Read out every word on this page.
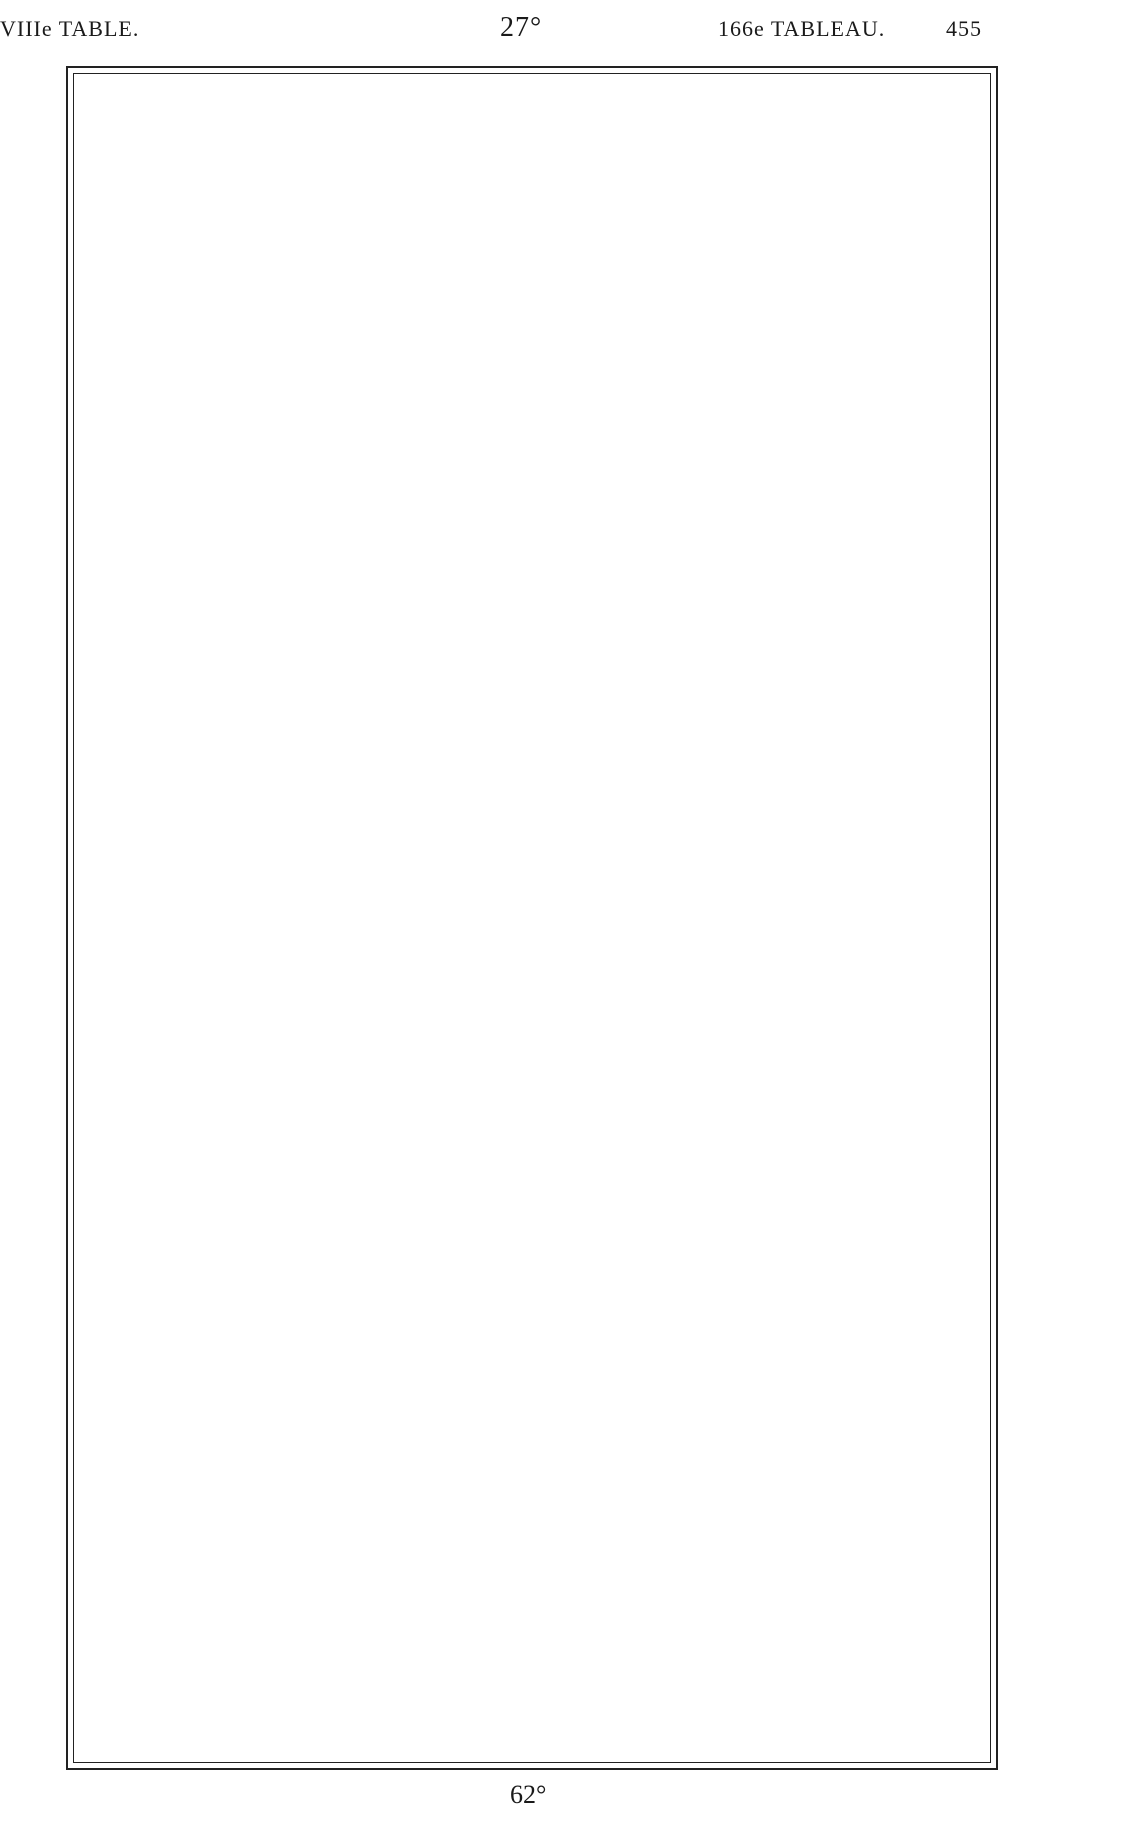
VIIIe TABLE.	27°	166e TABLEAU.	455
62°
